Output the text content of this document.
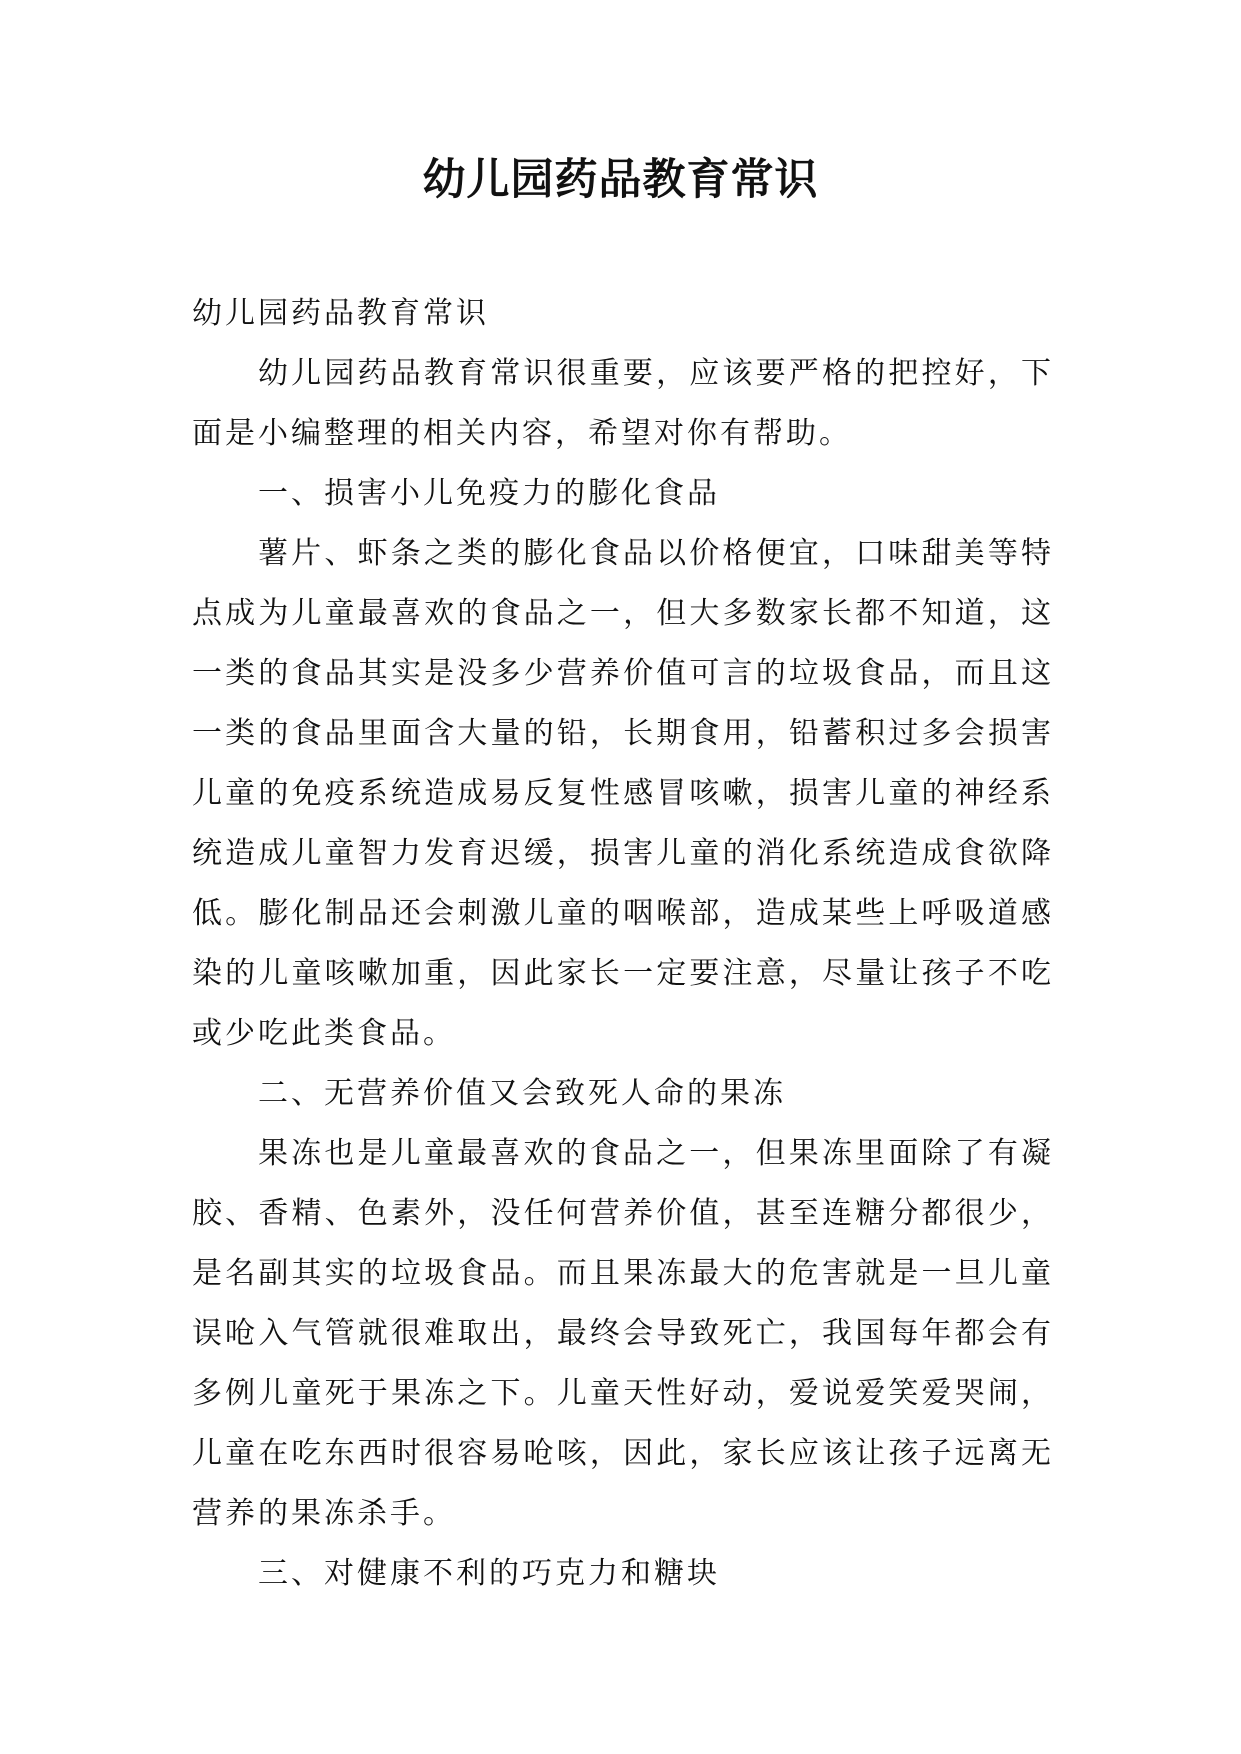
幼儿园药品教育常识

幼儿园药品教育常识

幼儿园药品教育常识很重要，应该要严格的把控好，下面是小编整理的相关内容，希望对你有帮助。

一、损害小儿免疫力的膨化食品

薯片、虾条之类的膨化食品以价格便宜，口味甜美等特点成为儿童最喜欢的食品之一，但大多数家长都不知道，这一类的食品其实是没多少营养价值可言的垃圾食品，而且这一类的食品里面含大量的铅，长期食用，铅蓄积过多会损害儿童的免疫系统造成易反复性感冒咳嗽，损害儿童的神经系统造成儿童智力发育迟缓，损害儿童的消化系统造成食欲降低。膨化制品还会刺激儿童的咽喉部，造成某些上呼吸道感染的儿童咳嗽加重，因此家长一定要注意，尽量让孩子不吃或少吃此类食品。

二、无营养价值又会致死人命的果冻

果冻也是儿童最喜欢的食品之一，但果冻里面除了有凝胶、香精、色素外，没任何营养价值，甚至连糖分都很少，是名副其实的垃圾食品。而且果冻最大的危害就是一旦儿童误呛入气管就很难取出，最终会导致死亡，我国每年都会有多例儿童死于果冻之下。儿童天性好动，爱说爱笑爱哭闹，儿童在吃东西时很容易呛咳，因此，家长应该让孩子远离无营养的果冻杀手。

三、对健康不利的巧克力和糖块
